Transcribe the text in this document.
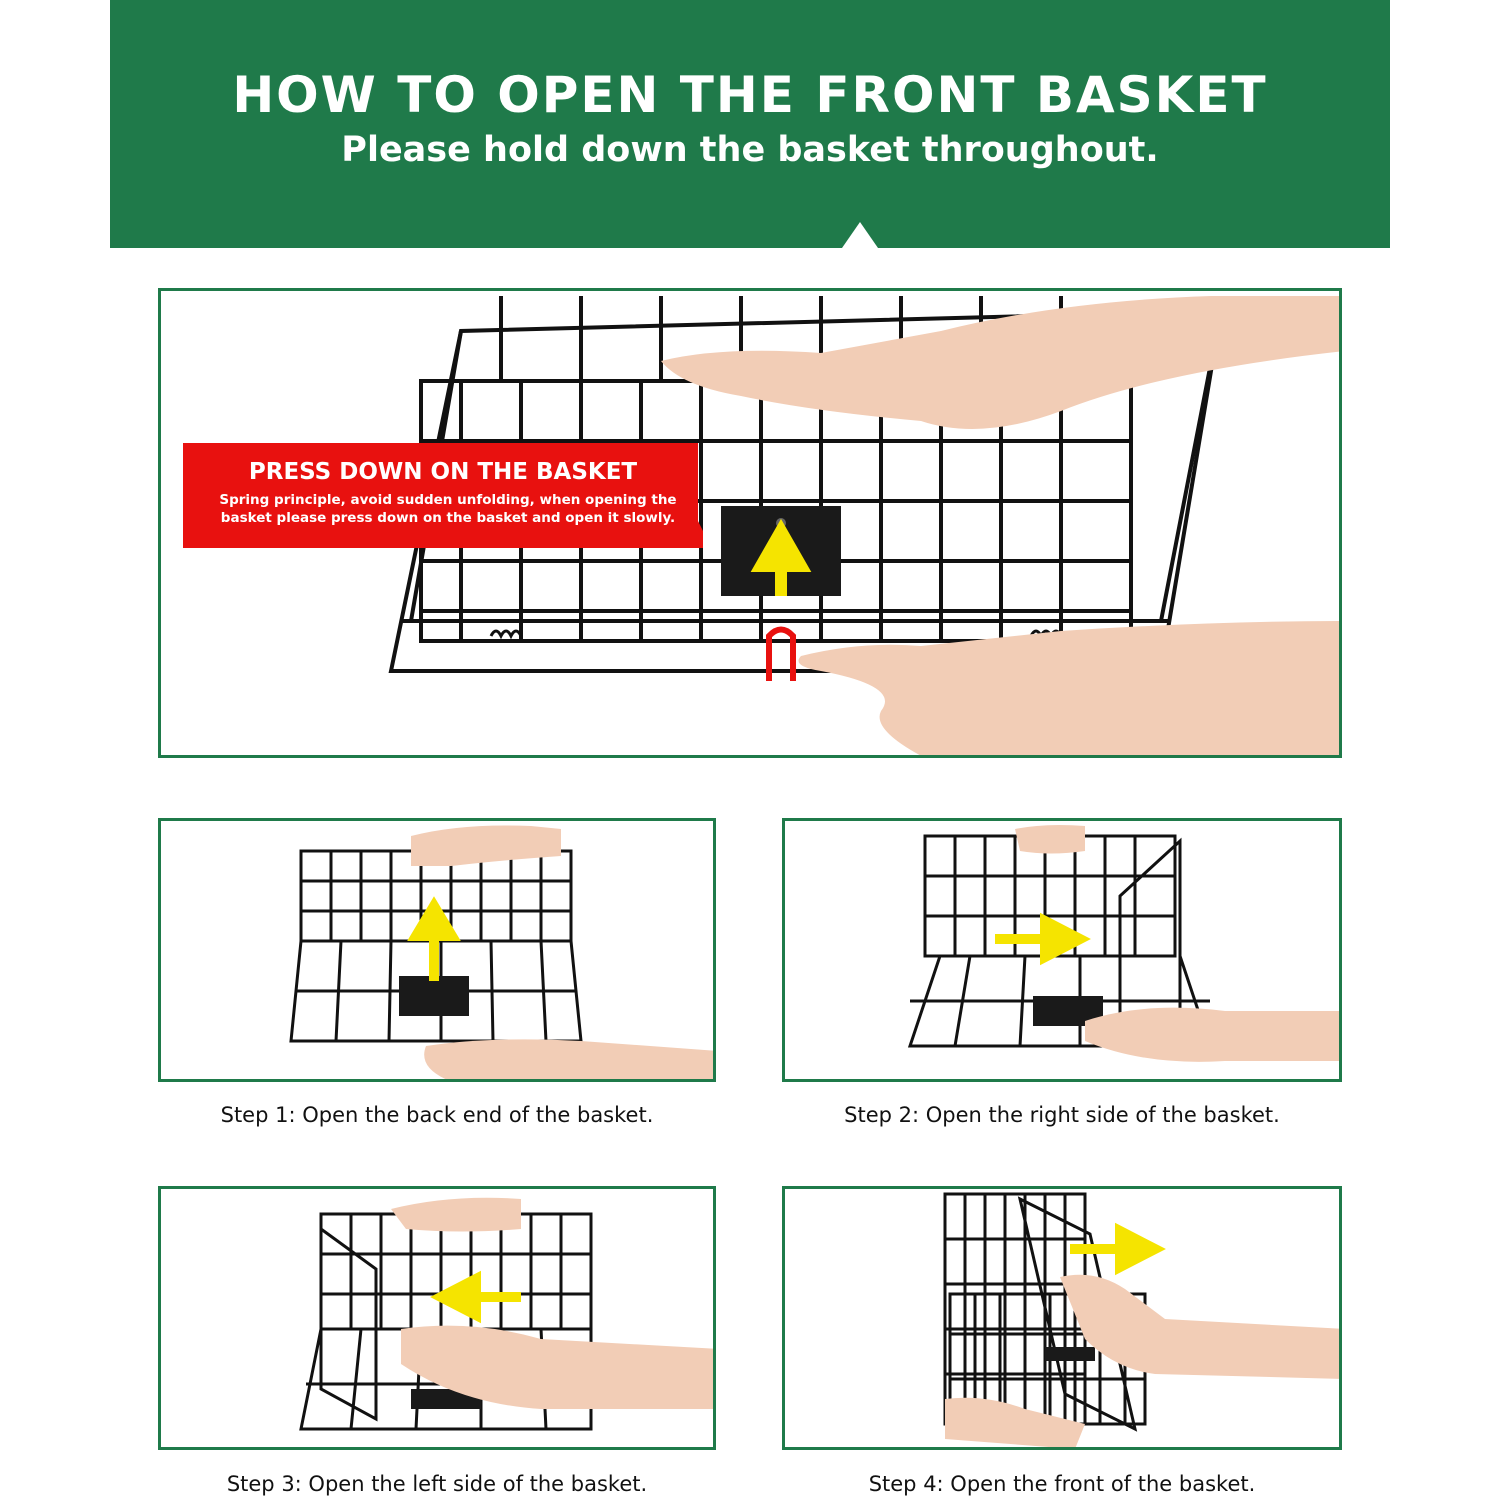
HOW TO OPEN THE FRONT BASKET
Please hold down the basket throughout.
PRESS DOWN ON THE BASKET
Spring principle, avoid sudden unfolding, when opening the basket please press down on the basket and open it slowly.
Step 1: Open the back end of the basket.	Step 2: Open the right side of the basket.
Step 3: Open the left side of the basket.	Step 4: Open the front of the basket.
